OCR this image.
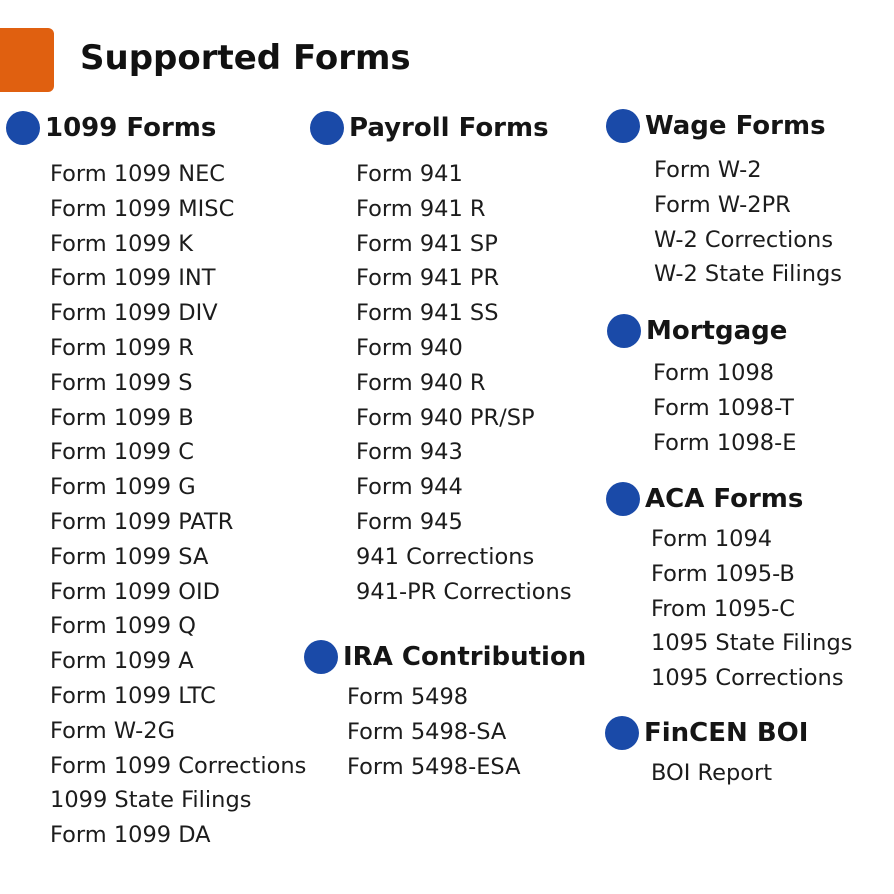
Supported Forms
1099 Forms
Form 1099 NEC
Form 1099 MISC
Form 1099 K
Form 1099 INT
Form 1099 DIV
Form 1099 R
Form 1099 S
Form 1099 B
Form 1099 C
Form 1099 G
Form 1099 PATR
Form 1099 SA
Form 1099 OID
Form 1099 Q
Form 1099 A
Form 1099 LTC
Form W-2G
Form 1099 Corrections
1099 State Filings
Form 1099 DA
Payroll Forms
Form 941
Form 941 R
Form 941 SP
Form 941 PR
Form 941 SS
Form 940
Form 940 R
Form 940 PR/SP
Form 943
Form 944
Form 945
941 Corrections
941-PR Corrections
IRA Contribution
Form 5498
Form 5498-SA
Form 5498-ESA
Wage Forms
Form W-2
Form W-2PR
W-2 Corrections
W-2 State Filings
Mortgage
Form 1098
Form 1098-T
Form 1098-E
ACA Forms
Form 1094
Form 1095-B
From 1095-C
1095 State Filings
1095 Corrections
FinCEN BOI
BOI Report
